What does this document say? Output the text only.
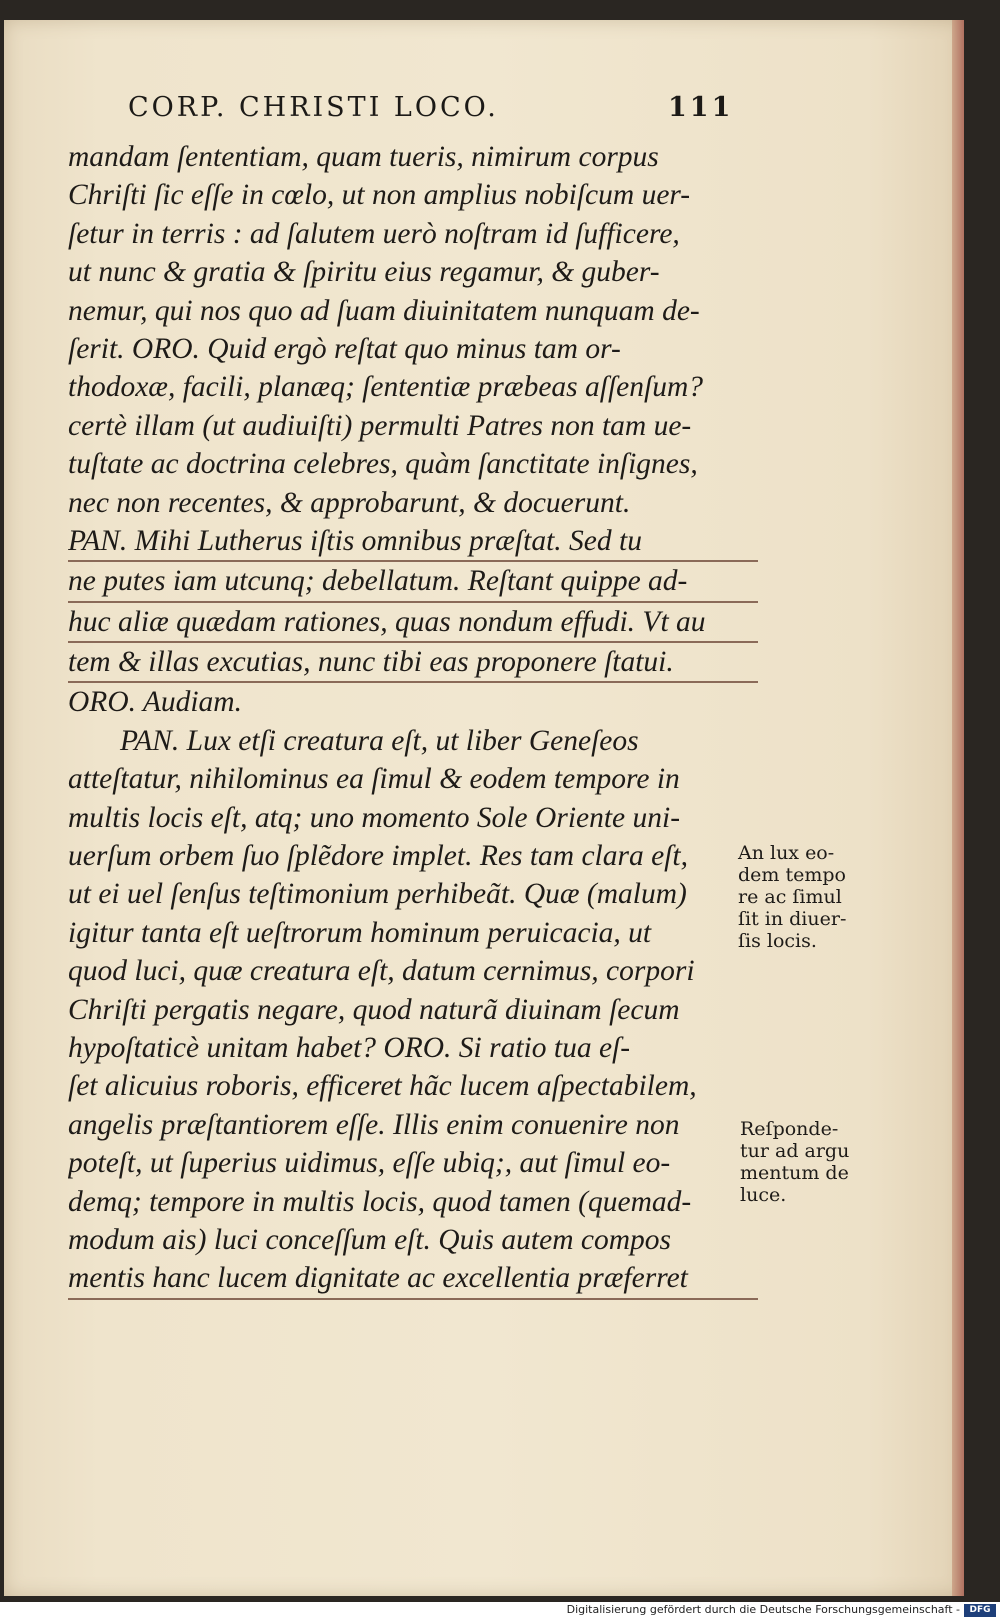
CORP. CHRISTI LOCO.	111
mandam ſententiam, quam tueris, nimirum corpus
Chriſti ſic eſſe in cœlo, ut non amplius nobiſcum uer-
ſetur in terris : ad ſalutem uerò noſtram id ſufficere,
ut nunc & gratia & ſpiritu eius regamur, & guber-
nemur, qui nos quo ad ſuam diuinitatem nunquam de-
ſerit. ORO. Quid ergò reſtat quo minus tam or-
thodoxæ, facili, planæq; ſententiæ præbeas aſſenſum?
certè illam (ut audiuiſti) permulti Patres non tam ue-
tuſtate ac doctrina celebres, quàm ſanctitate inſignes,
nec non recentes, & approbarunt, & docuerunt.
PAN. Mihi Lutherus iſtis omnibus præſtat. Sed tu
ne putes iam utcunq; debellatum. Reſtant quippe ad-
huc aliæ quædam rationes, quas nondum effudi. Vt au
tem & illas excutias, nunc tibi eas proponere ſtatui.
ORO. Audiam.
PAN. Lux etſi creatura eſt, ut liber Geneſeos
atteſtatur, nihilominus ea ſimul & eodem tempore in
multis locis eſt, atq; uno momento Sole Oriente uni-
uerſum orbem ſuo ſplẽdore implet. Res tam clara eſt,
ut ei uel ſenſus teſtimonium perhibeãt. Quæ (malum)
igitur tanta eſt ueſtrorum hominum peruicacia, ut
quod luci, quæ creatura eſt, datum cernimus, corpori
Chriſti pergatis negare, quod naturã diuinam ſecum
hypoſtaticè unitam habet? ORO. Si ratio tua eſ-
ſet alicuius roboris, efficeret hãc lucem aſpectabilem,
angelis præſtantiorem eſſe. Illis enim conuenire non
poteſt, ut ſuperius uidimus, eſſe ubiq;, aut ſimul eo-
demq; tempore in multis locis, quod tamen (quemad-
modum ais) luci conceſſum eſt. Quis autem compos
mentis hanc lucem dignitate ac excellentia præferret
An lux eo-
dem tempo
re ac ſimul
ſit in diuer-
ſis locis.
Reſponde-
tur ad argu
mentum de
luce.
Digitalisierung gefördert durch die Deutsche Forschungsgemeinschaft -	DFG
